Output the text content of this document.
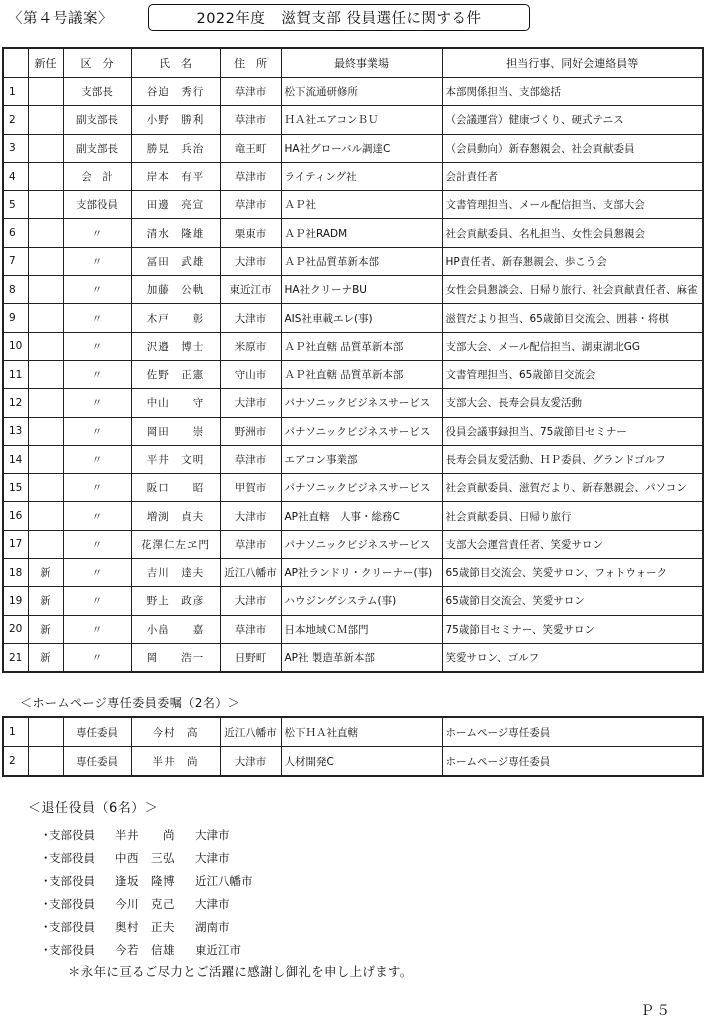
〈第４号議案〉	2022年度 滋賀支部 役員選任に関する件
	新任	区　分	氏　名	住　所	最終事業場	担当行事、同好会連絡員等
1		支部長	谷迫　秀行	草津市	松下流通研修所	本部関係担当、支部総括
2		副支部長	小野　勝利	草津市	ＨＡ社エアコンＢＵ	（会議運営）健康づくり、硬式テニス
3		副支部長	勝見　兵治	竜王町	HA社グローバル調達C	（会員動向）新春懇親会、社会貢献委員
4		会　計	岸本　有平	草津市	ライティング社	会計責任者
5		支部役員	田邊　亮宣	草津市	ＡＰ社	文書管理担当、メール配信担当、支部大会
6		〃	清水　隆雄	栗東市	ＡＰ社RADM	社会貢献委員、名札担当、女性会員懇親会
7		〃	冨田　武雄	大津市	ＡＰ社品質革新本部	HP責任者、新春懇親会、歩こう会
8		〃	加藤　公軌	東近江市	HA社クリーナBU	女性会員懇談会、日帰り旅行、社会貢献責任者、麻雀
9		〃	木戸　　彰	大津市	AIS社車載エレ(事)	滋賀だより担当、65歳節目交流会、囲碁・将棋
10		〃	沢邉　博士	米原市	ＡＰ社直轄 品質革新本部	支部大会、メール配信担当、湖東湖北GG
11		〃	佐野　正憲	守山市	ＡＰ社直轄 品質革新本部	文書管理担当、65歳節目交流会
12		〃	中山　　守	大津市	パナソニックビジネスサービス	支部大会、長寿会員友愛活動
13		〃	岡田　　崇	野洲市	パナソニックビジネスサービス	役員会議事録担当、75歳節目セミナー
14		〃	平井　文明	草津市	エアコン事業部	長寿会員友愛活動、ＨＰ委員、グランドゴルフ
15		〃	阪口　　昭	甲賀市	パナソニックビジネスサービス	社会貢献委員、滋賀だより、新春懇親会、パソコン
16		〃	増渕　貞夫	大津市	AP社直轄　人事・総務C	社会貢献委員、日帰り旅行
17		〃	花澤仁左ヱ門	草津市	パナソニックビジネスサービス	支部大会運営責任者、笑愛サロン
18	新	〃	吉川　達夫	近江八幡市	AP社ランドリ・クリーナー(事)	65歳節目交流会、笑愛サロン、フォトウォーク
19	新	〃	野上　政彦	大津市	ハウジングシステム(事)	65歳節目交流会、笑愛サロン
20	新	〃	小畠　　嘉	草津市	日本地域ＣＭ部門	75歳節目セミナー、笑愛サロン
21	新	〃	岡　　浩一	日野町	AP社 製造革新本部	笑愛サロン、ゴルフ
＜ホームページ専任委員委嘱（2名）＞
1		専任委員	今村　高	近江八幡市	松下ＨＡ社直轄	ホームページ専任委員
2		専任委員	半井　尚	大津市	人材開発C	ホームページ専任委員
＜退任役員（6名）＞
・
支部役員	半井　　尚	大津市
・
支部役員	中西　三弘	大津市
・
支部役員	逢坂　隆博	近江八幡市
・
支部役員	今川　克己	大津市
・
支部役員	奥村　正夫	湖南市
・
支部役員	今若　信雄	東近江市
＊永年に亘るご尽力とご活躍に感謝し御礼を申し上げます。
Ｐ５
